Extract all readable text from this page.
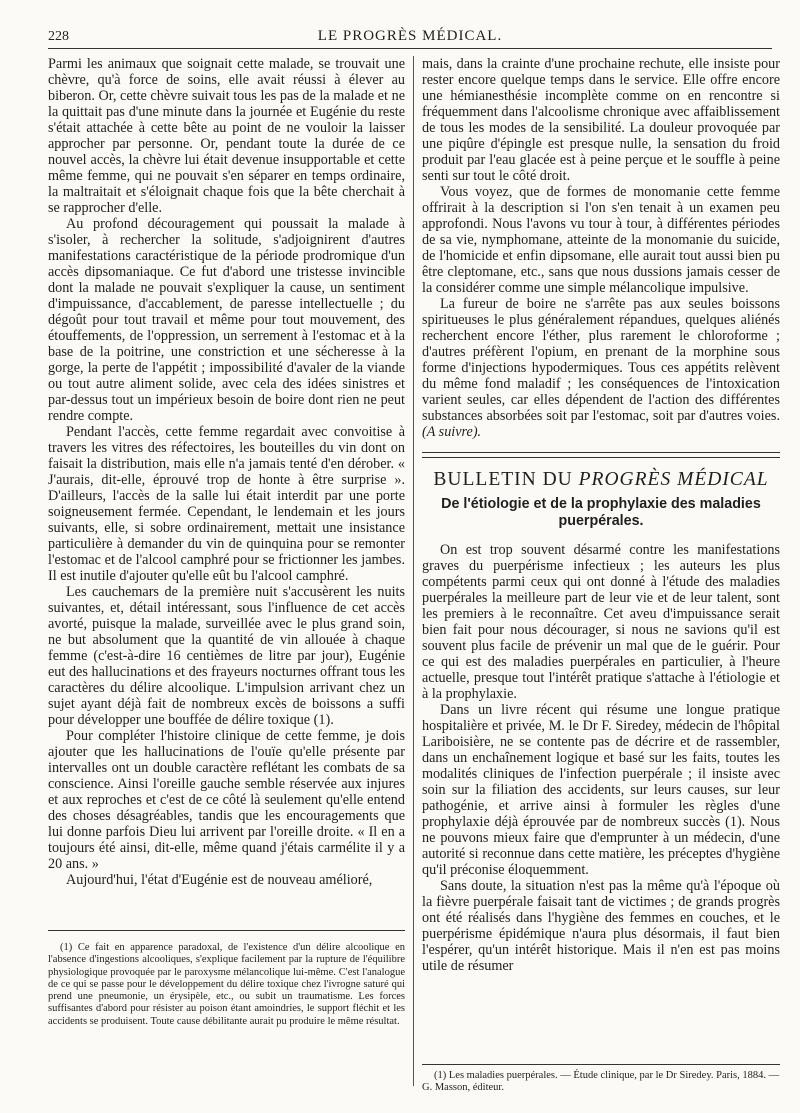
228	LE PROGRÈS MÉDICAL.

Parmi les animaux que soignait cette malade, se trouvait une chèvre, qu'à force de soins, elle avait réussi à élever au biberon. Or, cette chèvre suivait tous les pas de la malade et ne la quittait pas d'une minute dans la journée et Eugénie du reste s'était attachée à cette bête au point de ne vouloir la laisser approcher par personne. Or, pendant toute la durée de ce nouvel accès, la chèvre lui était devenue insupportable et cette même femme, qui ne pouvait s'en séparer en temps ordinaire, la maltraitait et s'éloignait chaque fois que la bête cherchait à se rapprocher d'elle.

Au profond découragement qui poussait la malade à s'isoler, à rechercher la solitude, s'adjoignirent d'autres manifestations caractéristique de la période prodromique d'un accès dipsomaniaque. Ce fut d'abord une tristesse invincible dont la malade ne pouvait s'expliquer la cause, un sentiment d'impuissance, d'accablement, de paresse intellectuelle ; du dégoût pour tout travail et même pour tout mouvement, des étouffements, de l'oppression, un serrement à l'estomac et à la base de la poitrine, une constriction et une sécheresse à la gorge, la perte de l'appétit ; impossibilité d'avaler de la viande ou tout autre aliment solide, avec cela des idées sinistres et par-dessus tout un impérieux besoin de boire dont rien ne peut rendre compte.

Pendant l'accès, cette femme regardait avec convoitise à travers les vitres des réfectoires, les bouteilles du vin dont on faisait la distribution, mais elle n'a jamais tenté d'en dérober. « J'aurais, dit-elle, éprouvé trop de honte à être surprise ». D'ailleurs, l'accès de la salle lui était interdit par une porte soigneusement fermée. Cependant, le lendemain et les jours suivants, elle, si sobre ordinairement, mettait une insistance particulière à demander du vin de quinquina pour se remonter l'estomac et de l'alcool camphré pour se frictionner les jambes. Il est inutile d'ajouter qu'elle eût bu l'alcool camphré.

Les cauchemars de la première nuit s'accusèrent les nuits suivantes, et, détail intéressant, sous l'influence de cet accès avorté, puisque la malade, surveillée avec le plus grand soin, ne but absolument que la quantité de vin allouée à chaque femme (c'est-à-dire 16 centièmes de litre par jour), Eugénie eut des hallucinations et des frayeurs nocturnes offrant tous les caractères du délire alcoolique. L'impulsion arrivant chez un sujet ayant déjà fait de nombreux excès de boissons a suffi pour développer une bouffée de délire toxique (1).

Pour compléter l'histoire clinique de cette femme, je dois ajouter que les hallucinations de l'ouïe qu'elle présente par intervalles ont un double caractère reflétant les combats de sa conscience. Ainsi l'oreille gauche semble réservée aux injures et aux reproches et c'est de ce côté là seulement qu'elle entend des choses désagréables, tandis que les encouragements que lui donne parfois Dieu lui arrivent par l'oreille droite. « Il en a toujours été ainsi, dit-elle, même quand j'étais carmélite il y a 20 ans. »

Aujourd'hui, l'état d'Eugénie est de nouveau amélioré,

(1) Ce fait en apparence paradoxal, de l'existence d'un délire alcoolique en l'absence d'ingestions alcooliques, s'explique facilement par la rupture de l'équilibre physiologique provoquée par le paroxysme mélancolique lui-même. C'est l'analogue de ce qui se passe pour le développement du délire toxique chez l'ivrogne saturé qui prend une pneumonie, un érysipèle, etc., ou subit un traumatisme. Les forces suffisantes d'abord pour résister au poison étant amoindries, le support fléchit et les accidents se produisent. Toute cause débilitante aurait pu produire le même résultat.

mais, dans la crainte d'une prochaine rechute, elle insiste pour rester encore quelque temps dans le service. Elle offre encore une hémianesthésie incomplète comme on en rencontre si fréquemment dans l'alcoolisme chronique avec affaiblissement de tous les modes de la sensibilité. La douleur provoquée par une piqûre d'épingle est presque nulle, la sensation du froid produit par l'eau glacée est à peine perçue et le souffle à peine senti sur tout le côté droit.

Vous voyez, que de formes de monomanie cette femme offrirait à la description si l'on s'en tenait à un examen peu approfondi. Nous l'avons vu tour à tour, à différentes périodes de sa vie, nymphomane, atteinte de la monomanie du suicide, de l'homicide et enfin dipsomane, elle aurait tout aussi bien pu être cleptomane, etc., sans que nous dussions jamais cesser de la considérer comme une simple mélancolique impulsive.

La fureur de boire ne s'arrête pas aux seules boissons spiritueuses le plus généralement répandues, quelques aliénés recherchent encore l'éther, plus rarement le chloroforme ; d'autres préfèrent l'opium, en prenant de la morphine sous forme d'injections hypodermiques. Tous ces appétits relèvent du même fond maladif ; les conséquences de l'intoxication varient seules, car elles dépendent de l'action des différentes substances absorbées soit par l'estomac, soit par d'autres voies. (A suivre).

BULLETIN DU PROGRÈS MÉDICAL
De l'étiologie et de la prophylaxie des maladies puerpérales.

On est trop souvent désarmé contre les manifestations graves du puerpérisme infectieux ; les auteurs les plus compétents parmi ceux qui ont donné à l'étude des maladies puerpérales la meilleure part de leur vie et de leur talent, sont les premiers à le reconnaître. Cet aveu d'impuissance serait bien fait pour nous décourager, si nous ne savions qu'il est souvent plus facile de prévenir un mal que de le guérir. Pour ce qui est des maladies puerpérales en particulier, à l'heure actuelle, presque tout l'intérêt pratique s'attache à l'étiologie et à la prophylaxie.

Dans un livre récent qui résume une longue pratique hospitalière et privée, M. le Dr F. Siredey, médecin de l'hôpital Lariboisière, ne se contente pas de décrire et de rassembler, dans un enchaînement logique et basé sur les faits, toutes les modalités cliniques de l'infection puerpérale ; il insiste avec soin sur la filiation des accidents, sur leurs causes, sur leur pathogénie, et arrive ainsi à formuler les règles d'une prophylaxie déjà éprouvée par de nombreux succès (1). Nous ne pouvons mieux faire que d'emprunter à un médecin, d'une autorité si reconnue dans cette matière, les préceptes d'hygiène qu'il préconise éloquemment.

Sans doute, la situation n'est pas la même qu'à l'époque où la fièvre puerpérale faisait tant de victimes ; de grands progrès ont été réalisés dans l'hygiène des femmes en couches, et le puerpérisme épidémique n'aura plus désormais, il faut bien l'espérer, qu'un intérêt historique. Mais il n'en est pas moins utile de résumer

(1) Les maladies puerpérales. — Étude clinique, par le Dr Siredey. Paris, 1884. — G. Masson, éditeur.
